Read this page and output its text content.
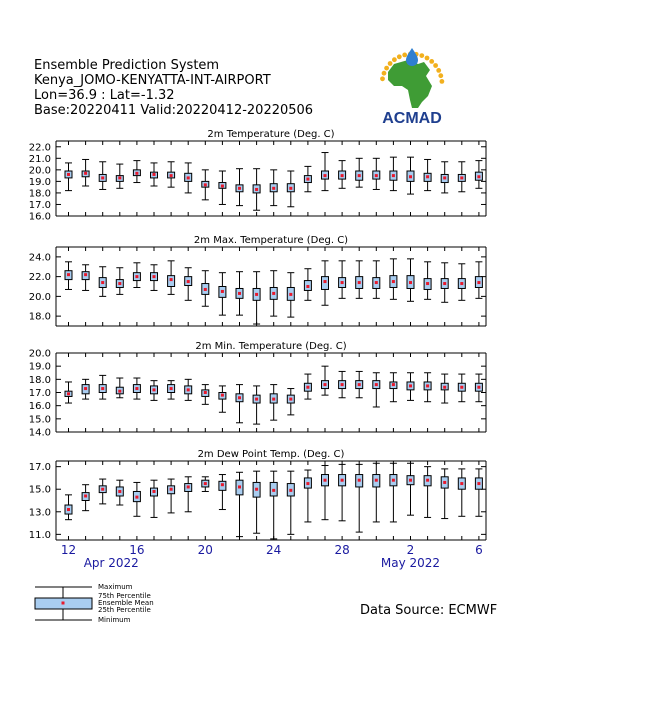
Ensemble Prediction System
Kenya_JOMO-KENYATTA-INT-AIRPORT
Lon=36.9 : Lat=-1.32
Base:20220411 Valid:20220412-20220506	ACMAD
16.0
17.0
18.0
19.0
20.0
21.0
22.0
2m Temperature (Deg. C)
18.0
20.0
22.0
24.0
2m Max. Temperature (Deg. C)
14.0
15.0
16.0
17.0
18.0
19.0
20.0
2m Min. Temperature (Deg. C)
11.0
13.0
15.0
17.0
2m Dew Point Temp. (Deg. C)
12	16	20	24	28	2	6
Apr 2022	May 2022
Data Source: ECMWF
Maximum
75th Percentile
Ensemble Mean
25th Percentile
Minimum
